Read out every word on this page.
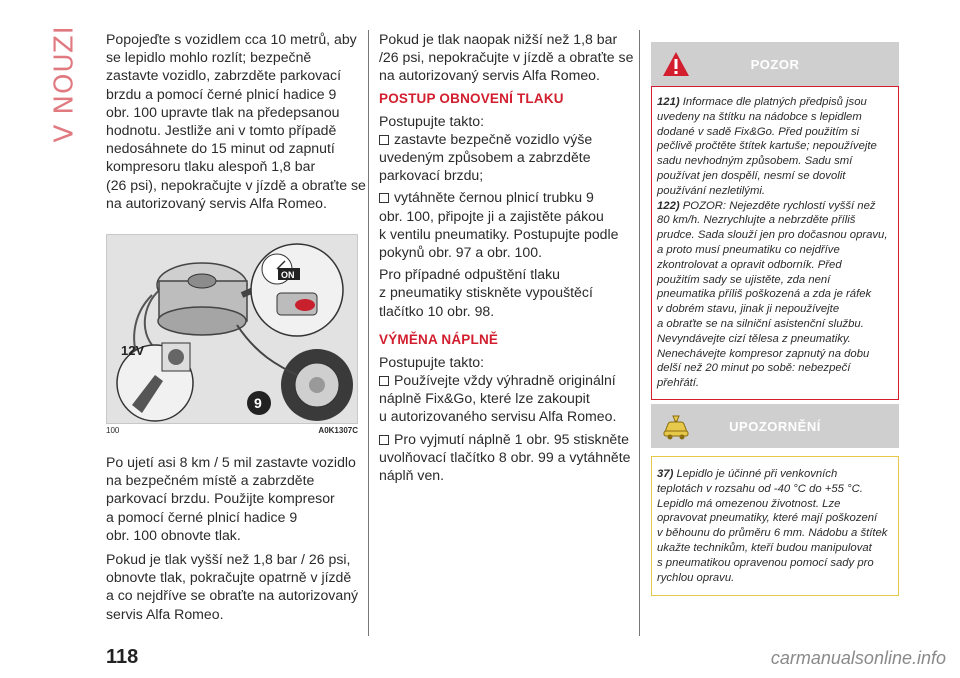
V NOUZI Popojeďte s vozidlem cca 10 metrů, aby
se lepidlo mohlo rozlít; bezpečně
zastavte vozidlo, zabrzděte parkovací
brzdu a pomocí černé plnicí hadice 9
obr. 100 upravte tlak na předepsanou
hodnotu. Jestliže ani v tomto případě
nedosáhnete do 15 minut od zapnutí
kompresoru tlaku alespoň 1,8 bar
(26 psi), nepokračujte v jízdě a obraťte se
na autorizovaný servis Alfa Romeo.
ON
12V
9
100	A0K1307C
Po ujetí asi 8 km / 5 mil zastavte vozidlo
na bezpečném místě a zabrzděte
parkovací brzdu. Použijte kompresor
a pomocí černé plnicí hadice 9
obr. 100 obnovte tlak.
Pokud je tlak vyšší než 1,8 bar / 26 psi,
obnovte tlak, pokračujte opatrně v jízdě
a co nejdříve se obraťte na autorizovaný
servis Alfa Romeo.
Pokud je tlak naopak nižší než 1,8 bar
/26 psi, nepokračujte v jízdě a obraťte se
na autorizovaný servis Alfa Romeo.
POSTUP OBNOVENÍ TLAKU
Postupujte takto:
zastavte bezpečně vozidlo výše
uvedeným způsobem a zabrzděte
parkovací brzdu;
vytáhněte černou plnicí trubku 9
obr. 100, připojte ji a zajistěte pákou
k ventilu pneumatiky. Postupujte podle
pokynů obr. 97 a obr. 100.
Pro případné odpuštění tlaku
z pneumatiky stiskněte vypouštěcí
tlačítko 10 obr. 98.
VÝMĚNA NÁPLNĚ
Postupujte takto:
Používejte vždy výhradně originální
náplně Fix&Go, které lze zakoupit
u autorizovaného servisu Alfa Romeo.
Pro vyjmutí náplně 1 obr. 95 stiskněte
uvolňovací tlačítko 8 obr. 99 a vytáhněte
náplň ven.
POZOR
121) Informace dle platných předpisů jsou
uvedeny na štítku na nádobce s lepidlem
dodané v sadě Fix&Go. Před použitím si
pečlivě pročtěte štítek kartuše; nepoužívejte
sadu nevhodným způsobem. Sadu smí
používat jen dospělí, nesmí se dovolit
používání nezletilými.
122) POZOR: Nejezděte rychlostí vyšší než
80 km/h. Nezrychlujte a nebrzděte příliš
prudce. Sada slouží jen pro dočasnou opravu,
a proto musí pneumatiku co nejdříve
zkontrolovat a opravit odborník. Před
použitím sady se ujistěte, zda není
pneumatika příliš poškozená a zda je ráfek
v dobrém stavu, jinak ji nepoužívejte
a obraťte se na silniční asistenční službu.
Nevyndávejte cizí tělesa z pneumatiky.
Nenechávejte kompresor zapnutý na dobu
delší než 20 minut po sobě: nebezpečí
přehřátí.
UPOZORNĚNÍ
37) Lepidlo je účinné při venkovních
teplotách v rozsahu od -40 °C do +55 °C.
Lepidlo má omezenou životnost. Lze
opravovat pneumatiky, které mají poškození
v běhounu do průměru 6 mm. Nádobu a štítek
ukažte technikům, kteří budou manipulovat
s pneumatikou opravenou pomocí sady pro
rychlou opravu.
118	carmanualsonline.info
